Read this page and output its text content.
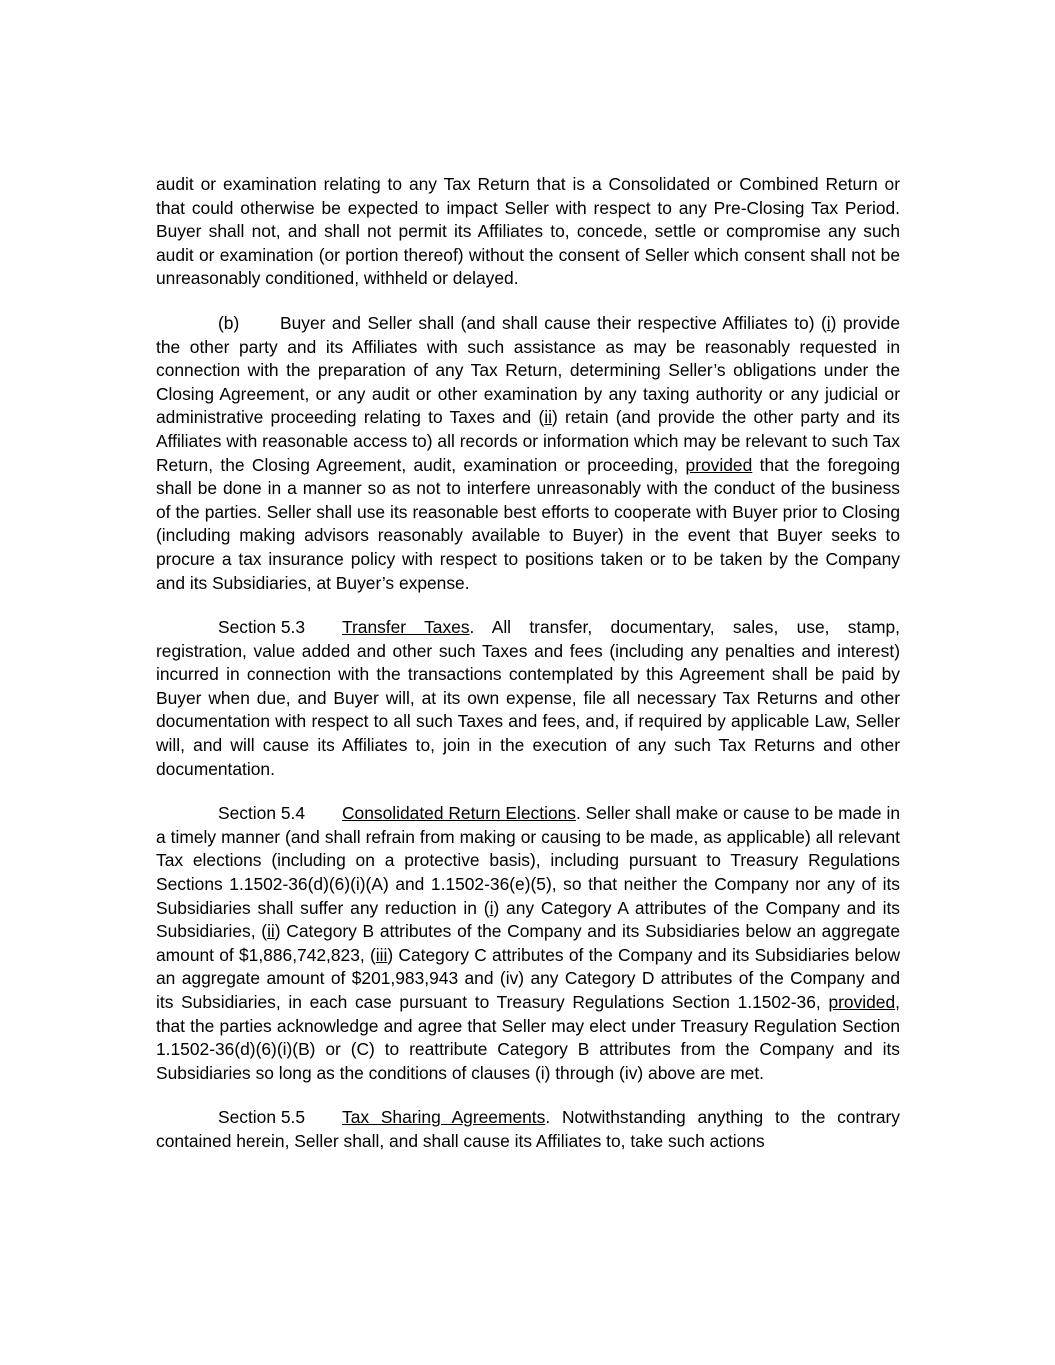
audit or examination relating to any Tax Return that is a Consolidated or Combined Return or that could otherwise be expected to impact Seller with respect to any Pre-Closing Tax Period. Buyer shall not, and shall not permit its Affiliates to, concede, settle or compromise any such audit or examination (or portion thereof) without the consent of Seller which consent shall not be unreasonably conditioned, withheld or delayed.

(b) Buyer and Seller shall (and shall cause their respective Affiliates to) (i) provide the other party and its Affiliates with such assistance as may be reasonably requested in connection with the preparation of any Tax Return, determining Seller’s obligations under the Closing Agreement, or any audit or other examination by any taxing authority or any judicial or administrative proceeding relating to Taxes and (ii) retain (and provide the other party and its Affiliates with reasonable access to) all records or information which may be relevant to such Tax Return, the Closing Agreement, audit, examination or proceeding, provided that the foregoing shall be done in a manner so as not to interfere unreasonably with the conduct of the business of the parties. Seller shall use its reasonable best efforts to cooperate with Buyer prior to Closing (including making advisors reasonably available to Buyer) in the event that Buyer seeks to procure a tax insurance policy with respect to positions taken or to be taken by the Company and its Subsidiaries, at Buyer’s expense.

Section 5.3 Transfer Taxes. All transfer, documentary, sales, use, stamp, registration, value added and other such Taxes and fees (including any penalties and interest) incurred in connection with the transactions contemplated by this Agreement shall be paid by Buyer when due, and Buyer will, at its own expense, file all necessary Tax Returns and other documentation with respect to all such Taxes and fees, and, if required by applicable Law, Seller will, and will cause its Affiliates to, join in the execution of any such Tax Returns and other documentation.

Section 5.4 Consolidated Return Elections. Seller shall make or cause to be made in a timely manner (and shall refrain from making or causing to be made, as applicable) all relevant Tax elections (including on a protective basis), including pursuant to Treasury Regulations Sections 1.1502-36(d)(6)(i)(A) and 1.1502-36(e)(5), so that neither the Company nor any of its Subsidiaries shall suffer any reduction in (i) any Category A attributes of the Company and its Subsidiaries, (ii) Category B attributes of the Company and its Subsidiaries below an aggregate amount of $1,886,742,823, (iii) Category C attributes of the Company and its Subsidiaries below an aggregate amount of $201,983,943 and (iv) any Category D attributes of the Company and its Subsidiaries, in each case pursuant to Treasury Regulations Section 1.1502-36, provided, that the parties acknowledge and agree that Seller may elect under Treasury Regulation Section 1.1502-36(d)(6)(i)(B) or (C) to reattribute Category B attributes from the Company and its Subsidiaries so long as the conditions of clauses (i) through (iv) above are met.

Section 5.5 Tax Sharing Agreements. Notwithstanding anything to the contrary contained herein, Seller shall, and shall cause its Affiliates to, take such actions
